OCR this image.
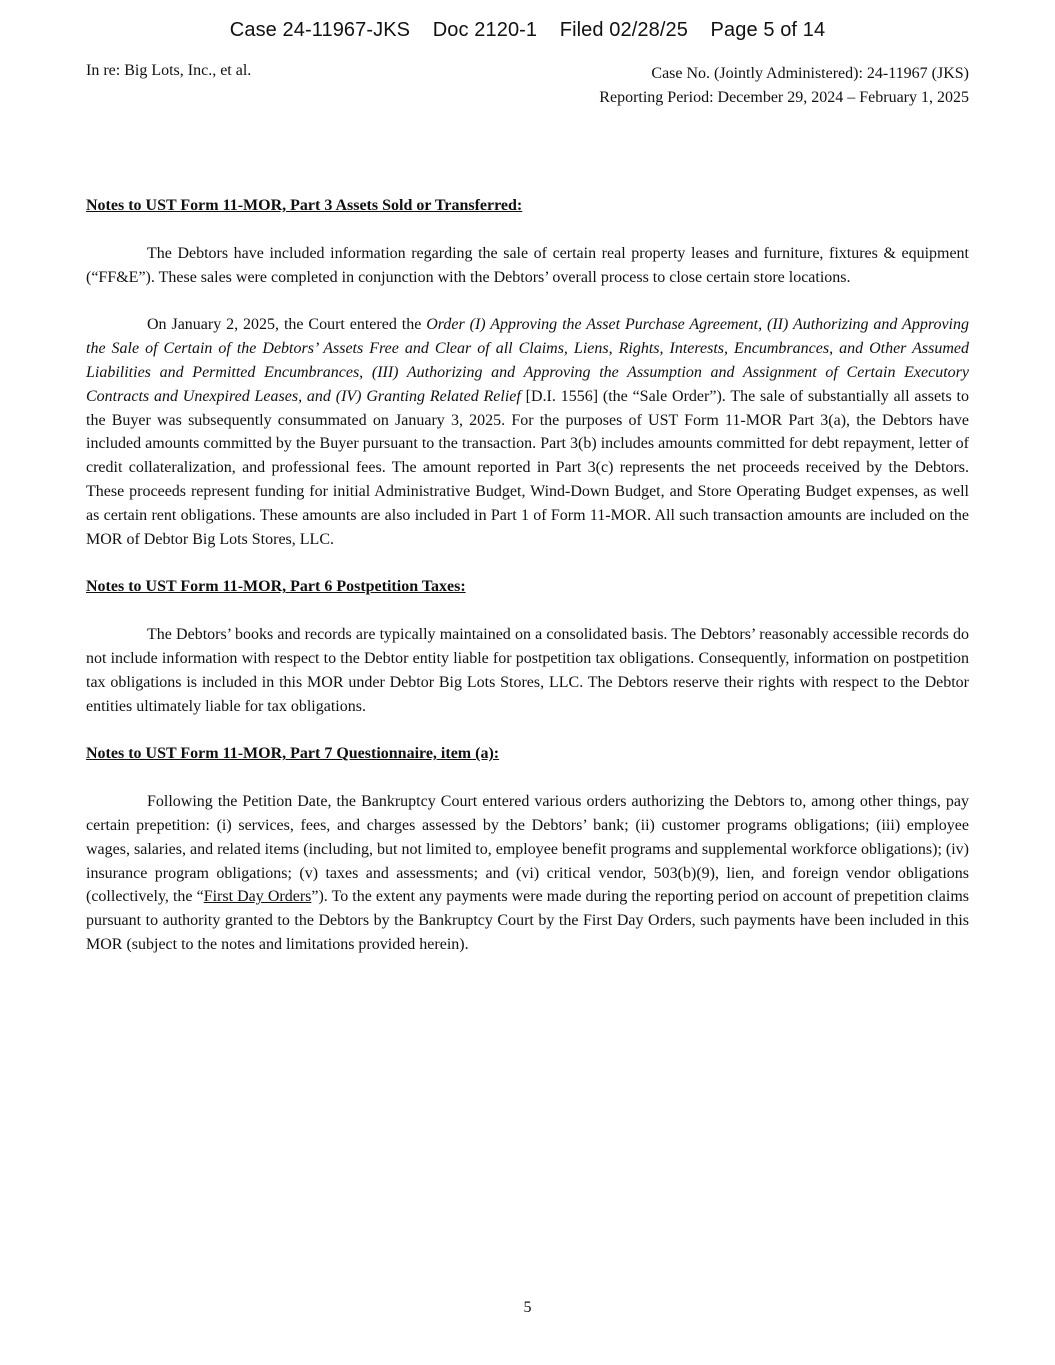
Case 24-11967-JKS    Doc 2120-1    Filed 02/28/25    Page 5 of 14
In re: Big Lots, Inc., et al.	Case No. (Jointly Administered): 24-11967 (JKS)
Reporting Period: December 29, 2024 – February 1, 2025

Notes to UST Form 11-MOR, Part 3 Assets Sold or Transferred:

The Debtors have included information regarding the sale of certain real property leases and furniture, fixtures & equipment (“FF&E”). These sales were completed in conjunction with the Debtors’ overall process to close certain store locations.

On January 2, 2025, the Court entered the Order (I) Approving the Asset Purchase Agreement, (II) Authorizing and Approving the Sale of Certain of the Debtors’ Assets Free and Clear of all Claims, Liens, Rights, Interests, Encumbrances, and Other Assumed Liabilities and Permitted Encumbrances, (III) Authorizing and Approving the Assumption and Assignment of Certain Executory Contracts and Unexpired Leases, and (IV) Granting Related Relief [D.I. 1556] (the “Sale Order”). The sale of substantially all assets to the Buyer was subsequently consummated on January 3, 2025. For the purposes of UST Form 11-MOR Part 3(a), the Debtors have included amounts committed by the Buyer pursuant to the transaction. Part 3(b) includes amounts committed for debt repayment, letter of credit collateralization, and professional fees. The amount reported in Part 3(c) represents the net proceeds received by the Debtors. These proceeds represent funding for initial Administrative Budget, Wind-Down Budget, and Store Operating Budget expenses, as well as certain rent obligations. These amounts are also included in Part 1 of Form 11-MOR. All such transaction amounts are included on the MOR of Debtor Big Lots Stores, LLC.

Notes to UST Form 11-MOR, Part 6 Postpetition Taxes:

The Debtors’ books and records are typically maintained on a consolidated basis. The Debtors’ reasonably accessible records do not include information with respect to the Debtor entity liable for postpetition tax obligations. Consequently, information on postpetition tax obligations is included in this MOR under Debtor Big Lots Stores, LLC. The Debtors reserve their rights with respect to the Debtor entities ultimately liable for tax obligations.

Notes to UST Form 11-MOR, Part 7 Questionnaire, item (a):

Following the Petition Date, the Bankruptcy Court entered various orders authorizing the Debtors to, among other things, pay certain prepetition: (i) services, fees, and charges assessed by the Debtors’ bank; (ii) customer programs obligations; (iii) employee wages, salaries, and related items (including, but not limited to, employee benefit programs and supplemental workforce obligations); (iv) insurance program obligations; (v) taxes and assessments; and (vi) critical vendor, 503(b)(9), lien, and foreign vendor obligations (collectively, the “First Day Orders”). To the extent any payments were made during the reporting period on account of prepetition claims pursuant to authority granted to the Debtors by the Bankruptcy Court by the First Day Orders, such payments have been included in this MOR (subject to the notes and limitations provided herein).

5
